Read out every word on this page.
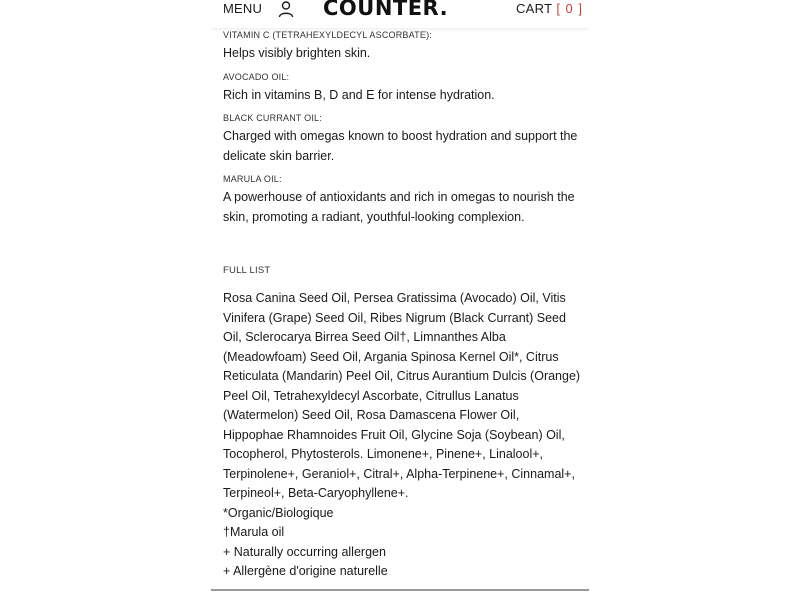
MENU	COUNTER.	CART [ 0 ]

VITAMIN C (TETRAHEXYLDECYL ASCORBATE):

Helps visibly brighten skin.

AVOCADO OIL:

Rich in vitamins B, D and E for intense hydration.

BLACK CURRANT OIL:

Charged with omegas known to boost hydration and support the delicate skin barrier.

MARULA OIL:

A powerhouse of antioxidants and rich in omegas to nourish the skin, promoting a radiant, youthful-looking complexion.

FULL LIST

Rosa Canina Seed Oil, Persea Gratissima (Avocado) Oil, Vitis Vinifera (Grape) Seed Oil, Ribes Nigrum (Black Currant) Seed Oil, Sclerocarya Birrea Seed Oil†, Limnanthes Alba (Meadowfoam) Seed Oil, Argania Spinosa Kernel Oil*, Citrus Reticulata (Mandarin) Peel Oil, Citrus Aurantium Dulcis (Orange) Peel Oil, Tetrahexyldecyl Ascorbate, Citrullus Lanatus (Watermelon) Seed Oil, Rosa Damascena Flower Oil, Hippophae Rhamnoides Fruit Oil, Glycine Soja (Soybean) Oil, Tocopherol, Phytosterols. Limonene+, Pinene+, Linalool+, Terpinolene+, Geraniol+, Citral+, Alpha-Terpinene+, Cinnamal+, Terpineol+, Beta-Caryophyllene+.

*Organic/Biologique

†Marula oil

+ Naturally occurring allergen

+ Allergène d'origine naturelle
